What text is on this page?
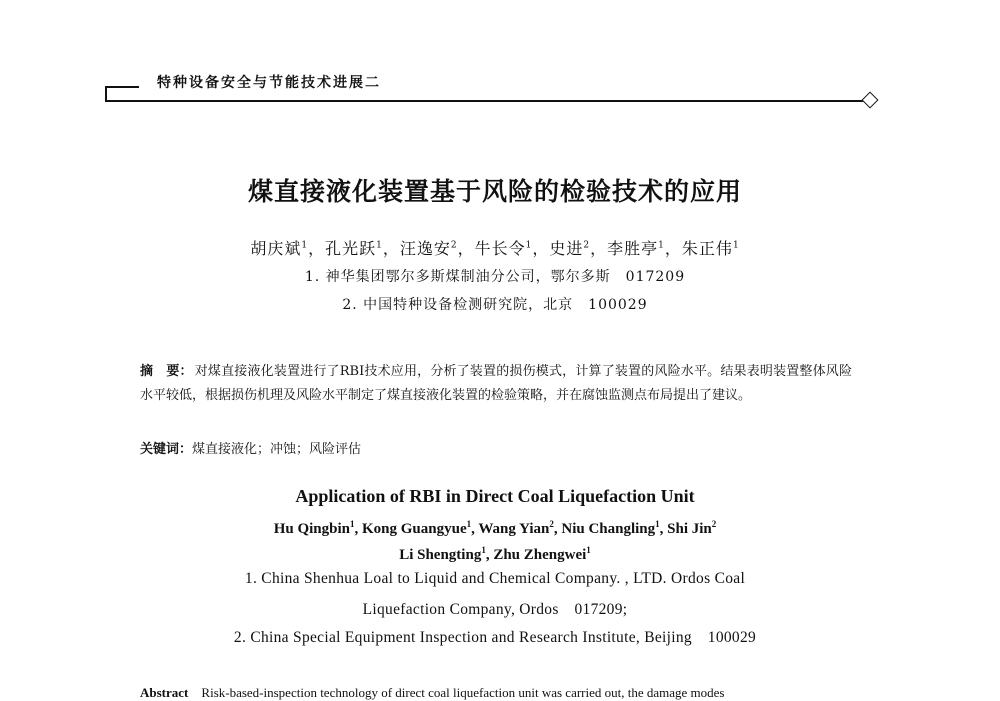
特种设备安全与节能技术进展二
煤直接液化装置基于风险的检验技术的应用
胡庆斌$^1$，孔光跃$^1$，汪逸安$^2$，牛长令$^1$，史进$^2$，李胜亭$^1$，朱正伟$^1$
1. 神华集团鄂尔多斯煤制油分公司，鄂尔多斯　017209
2. 中国特种设备检测研究院，北京　100029
摘　要： 对煤直接液化装置进行了RBI技术应用，分析了装置的损伤模式，计算了装置的风险水平。结果表明装置整体风险水平较低，根据损伤机理及风险水平制定了煤直接液化装置的检验策略，并在腐蚀监测点布局提出了建议。
关键词：煤直接液化；冲蚀；风险评估
Application of RBI in Direct Coal Liquefaction Unit
Hu Qingbin$^1$, Kong Guangyue$^1$, Wang Yian$^2$, Niu Changling$^1$, Shi Jin$^2$
Li Shengting$^1$, Zhu Zhengwei$^1$
1. China Shenhua Loal to Liquid and Chemical Company. , LTD. Ordos Coal
Liquefaction Company, Ordos　017209;
2. China Special Equipment Inspection and Research Institute, Beijing　100029
Abstract　 Risk-based-inspection technology of direct coal liquefaction unit was carried out, the damage modes
